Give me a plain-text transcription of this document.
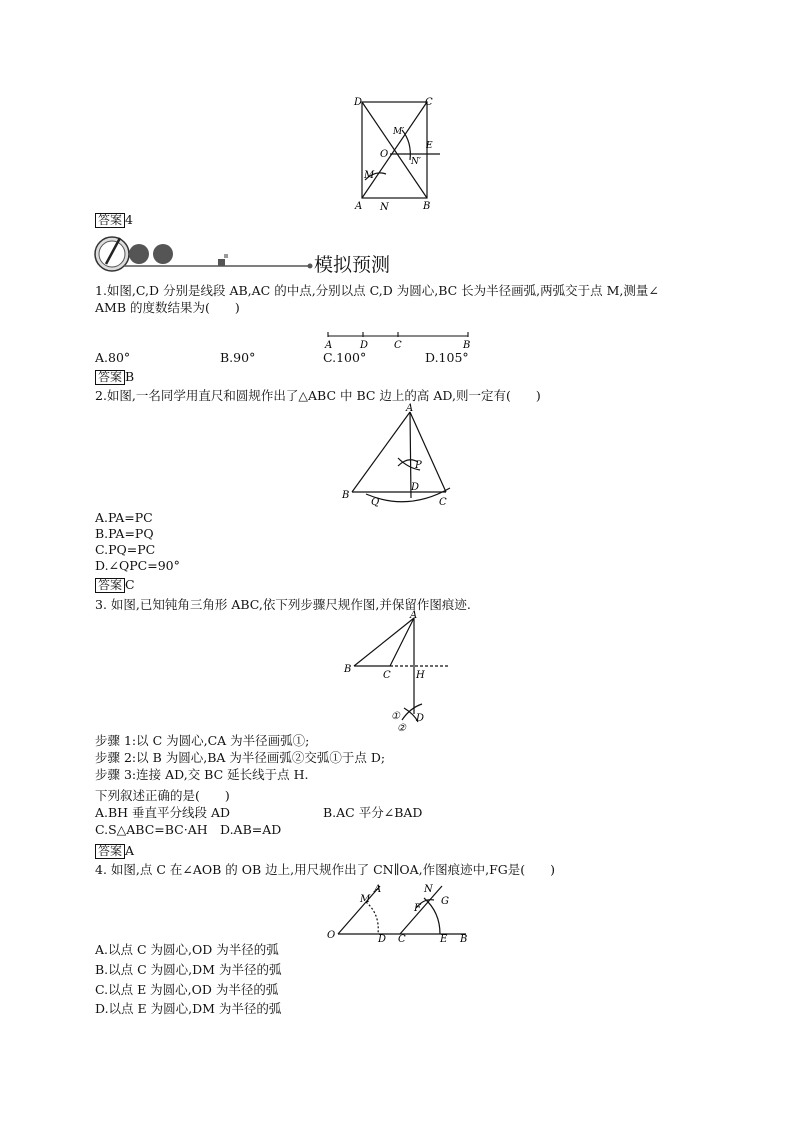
D	C
M′
E
O
N′
M
A N	B
答案 4
模拟预测
1.如图,C,D 分别是线段 AB,AC 的中点,分别以点 C,D 为圆心,BC 长为半径画弧,两弧交于点 M,测量∠
AMB 的度数结果为(　　)
A	D	C	B
A.80°	B.90°	C.100°	D.105°
答案 B
2.如图,一名同学用直尺和圆规作出了△ABC 中 BC 边上的高 AD,则一定有(　　)
A
P
D
B
Q	C
A.PA=PC
B.PA=PQ
C.PQ=PC
D.∠QPC=90°
答案 C
3. 如图,已知钝角三角形 ABC,依下列步骤尺规作图,并保留作图痕迹.
A
B
C	H
① D
②
步骤 1:以 C 为圆心,CA 为半径画弧①;
步骤 2:以 B 为圆心,BA 为半径画弧②交弧①于点 D;
步骤 3:连接 AD,交 BC 延长线于点 H.
下列叙述正确的是(　　)
A.BH 垂直平分线段 AD	B.AC 平分∠BAD
C.S△ABC=BC·AH D.AB=AD
答案 A
4. 如图,点 C 在∠AOB 的 OB 边上,用尺规作出了 CN∥OA,作图痕迹中,FG是(　　)
A
M
O	D C
N
F
G
E B
A.以点 C 为圆心,OD 为半径的弧
B.以点 C 为圆心,DM 为半径的弧
C.以点 E 为圆心,OD 为半径的弧
D.以点 E 为圆心,DM 为半径的弧
